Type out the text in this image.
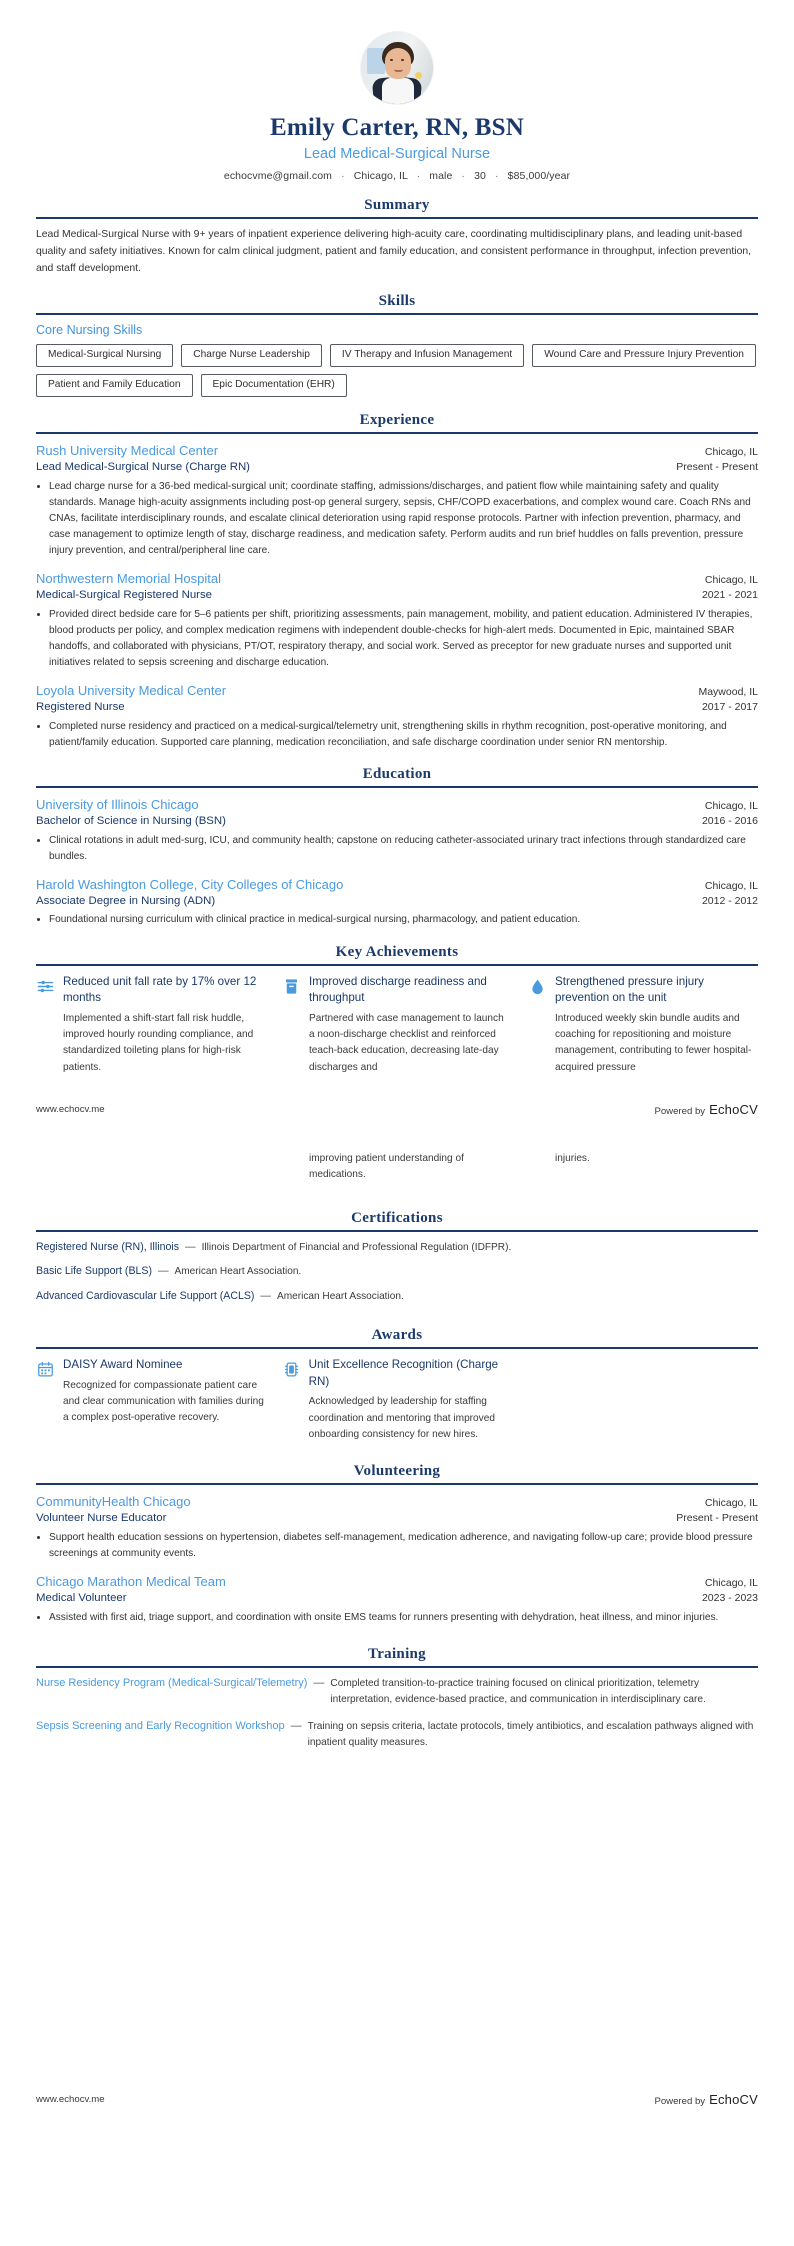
Emily Carter, RN, BSN
Lead Medical-Surgical Nurse
echocvme@gmail.com · Chicago, IL · male · 30 · $85,000/year
Summary
Lead Medical-Surgical Nurse with 9+ years of inpatient experience delivering high-acuity care, coordinating multidisciplinary plans, and leading unit-based quality and safety initiatives. Known for calm clinical judgment, patient and family education, and consistent performance in throughput, infection prevention, and staff development.
Skills
Core Nursing Skills
Medical-Surgical Nursing	Charge Nurse Leadership	IV Therapy and Infusion Management	Wound Care and Pressure Injury Prevention
Patient and Family Education	Epic Documentation (EHR)
Experience
Rush University Medical Center	Chicago, IL
Lead Medical-Surgical Nurse (Charge RN)	Present - Present
• Lead charge nurse for a 36-bed medical-surgical unit; coordinate staffing, admissions/discharges, and patient flow while maintaining safety and quality standards. Manage high-acuity assignments including post-op general surgery, sepsis, CHF/COPD exacerbations, and complex wound care. Coach RNs and CNAs, facilitate interdisciplinary rounds, and escalate clinical deterioration using rapid response protocols. Partner with infection prevention, pharmacy, and case management to optimize length of stay, discharge readiness, and medication safety. Perform audits and run brief huddles on falls prevention, pressure injury prevention, and central/peripheral line care.
Northwestern Memorial Hospital	Chicago, IL
Medical-Surgical Registered Nurse	2021 - 2021
• Provided direct bedside care for 5–6 patients per shift, prioritizing assessments, pain management, mobility, and patient education. Administered IV therapies, blood products per policy, and complex medication regimens with independent double-checks for high-alert meds. Documented in Epic, maintained SBAR handoffs, and collaborated with physicians, PT/OT, respiratory therapy, and social work. Served as preceptor for new graduate nurses and supported unit initiatives related to sepsis screening and discharge education.
Loyola University Medical Center	Maywood, IL
Registered Nurse	2017 - 2017
• Completed nurse residency and practiced on a medical-surgical/telemetry unit, strengthening skills in rhythm recognition, post-operative monitoring, and patient/family education. Supported care planning, medication reconciliation, and safe discharge coordination under senior RN mentorship.
Education
University of Illinois Chicago	Chicago, IL
Bachelor of Science in Nursing (BSN)	2016 - 2016
• Clinical rotations in adult med-surg, ICU, and community health; capstone on reducing catheter-associated urinary tract infections through standardized care bundles.
Harold Washington College, City Colleges of Chicago	Chicago, IL
Associate Degree in Nursing (ADN)	2012 - 2012
• Foundational nursing curriculum with clinical practice in medical-surgical nursing, pharmacology, and patient education.
Key Achievements
Reduced unit fall rate by 17% over 12 months
Implemented a shift-start fall risk huddle, improved hourly rounding compliance, and standardized toileting plans for high-risk patients.
Improved discharge readiness and throughput
Partnered with case management to launch a noon-discharge checklist and reinforced teach-back education, decreasing late-day discharges and
Strengthened pressure injury prevention on the unit
Introduced weekly skin bundle audits and coaching for repositioning and moisture management, contributing to fewer hospital-acquired pressure
www.echocv.me	Powered by EchoCV
improving patient understanding of medications.
injuries.
Certifications
Registered Nurse (RN), Illinois — Illinois Department of Financial and Professional Regulation (IDFPR).
Basic Life Support (BLS) — American Heart Association.
Advanced Cardiovascular Life Support (ACLS) — American Heart Association.
Awards
DAISY Award Nominee
Recognized for compassionate patient care and clear communication with families during a complex post-operative recovery.
Unit Excellence Recognition (Charge RN)
Acknowledged by leadership for staffing coordination and mentoring that improved onboarding consistency for new hires.
Volunteering
CommunityHealth Chicago	Chicago, IL
Volunteer Nurse Educator	Present - Present
• Support health education sessions on hypertension, diabetes self-management, medication adherence, and navigating follow-up care; provide blood pressure screenings at community events.
Chicago Marathon Medical Team	Chicago, IL
Medical Volunteer	2023 - 2023
• Assisted with first aid, triage support, and coordination with onsite EMS teams for runners presenting with dehydration, heat illness, and minor injuries.
Training
Nurse Residency Program (Medical-Surgical/Telemetry) — Completed transition-to-practice training focused on clinical prioritization, telemetry interpretation, evidence-based practice, and communication in interdisciplinary care.
Sepsis Screening and Early Recognition Workshop — Training on sepsis criteria, lactate protocols, timely antibiotics, and escalation pathways aligned with inpatient quality measures.
www.echocv.me	Powered by EchoCV
